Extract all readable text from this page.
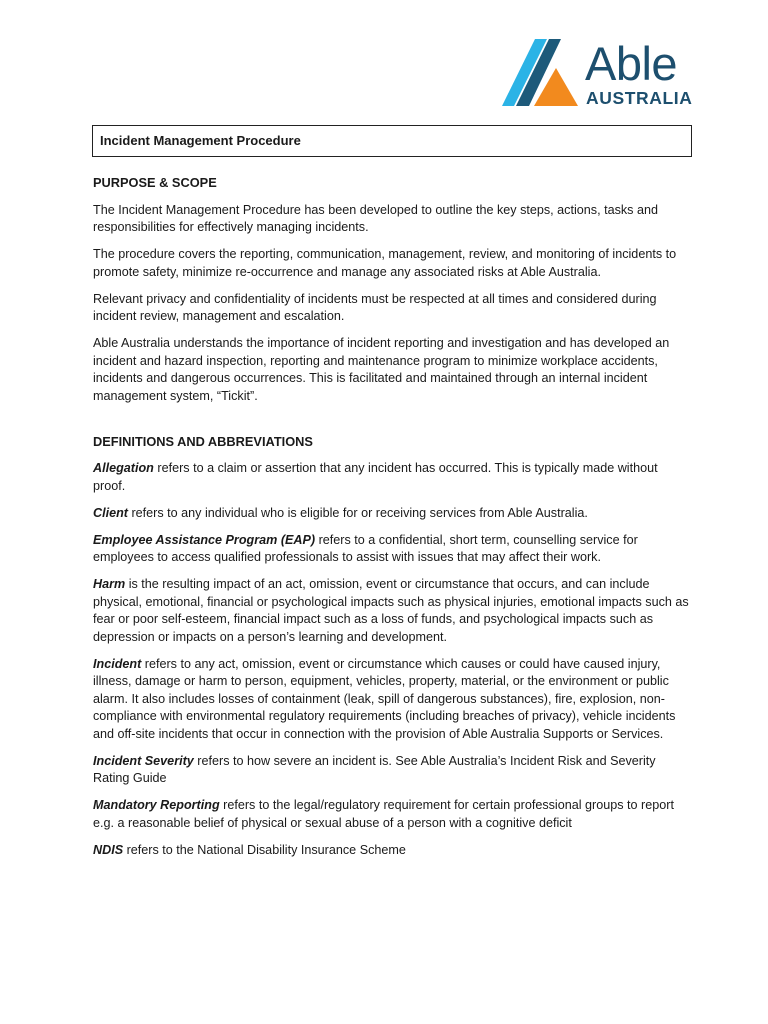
Able
AUSTRALIA
Incident Management Procedure
PURPOSE & SCOPE

The Incident Management Procedure has been developed to outline the key steps, actions, tasks and responsibilities for effectively managing incidents.

The procedure covers the reporting, communication, management, review, and monitoring of incidents to promote safety, minimize re-occurrence and manage any associated risks at Able Australia.

Relevant privacy and confidentiality of incidents must be respected at all times and considered during incident review, management and escalation.

Able Australia understands the importance of incident reporting and investigation and has developed an incident and hazard inspection, reporting and maintenance program to minimize workplace accidents, incidents and dangerous occurrences. This is facilitated and maintained through an internal incident management system, “Tickit”.

DEFINITIONS AND ABBREVIATIONS

Allegation refers to a claim or assertion that any incident has occurred. This is typically made without proof.

Client refers to any individual who is eligible for or receiving services from Able Australia.

Employee Assistance Program (EAP) refers to a confidential, short term, counselling service for employees to access qualified professionals to assist with issues that may affect their work.

Harm is the resulting impact of an act, omission, event or circumstance that occurs, and can include physical, emotional, financial or psychological impacts such as physical injuries, emotional impacts such as fear or poor self-esteem, financial impact such as a loss of funds, and psychological impacts such as depression or impacts on a person’s learning and development.

Incident refers to any act, omission, event or circumstance which causes or could have caused injury, illness, damage or harm to person, equipment, vehicles, property, material, or the environment or public alarm. It also includes losses of containment (leak, spill of dangerous substances), fire, explosion, non-compliance with environmental regulatory requirements (including breaches of privacy), vehicle incidents and off-site incidents that occur in connection with the provision of Able Australia Supports or Services.

Incident Severity refers to how severe an incident is. See Able Australia’s Incident Risk and Severity Rating Guide

Mandatory Reporting refers to the legal/regulatory requirement for certain professional groups to report e.g. a reasonable belief of physical or sexual abuse of a person with a cognitive deficit

NDIS refers to the National Disability Insurance Scheme
